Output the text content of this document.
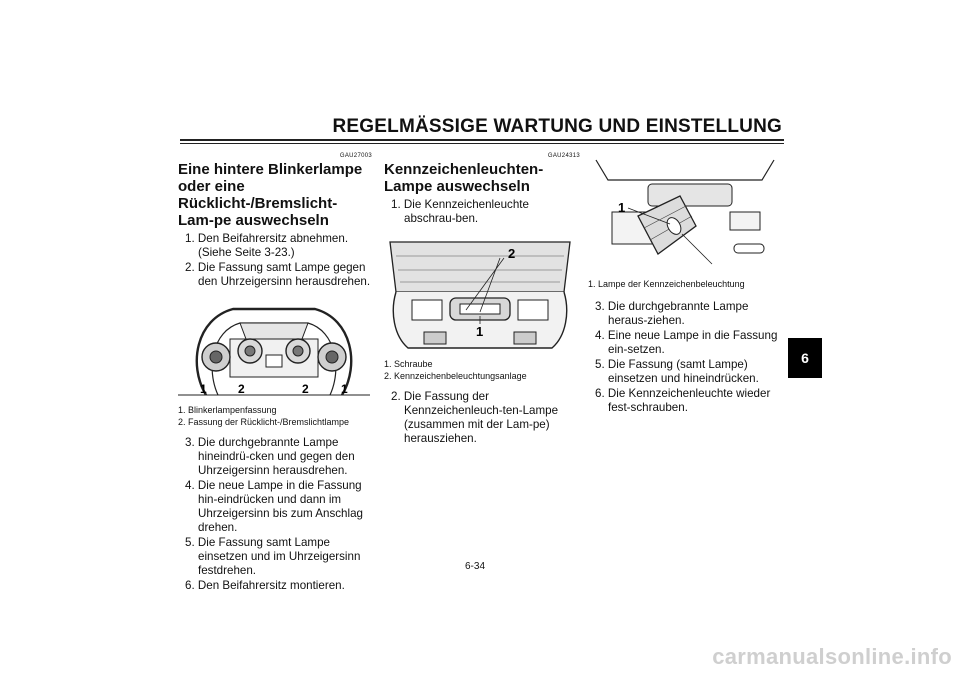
REGELMÄSSIGE WARTUNG UND EINSTELLUNG
GAU27003
Eine hintere Blinkerlampe oder eine Rücklicht-/Bremslicht-Lam-pe auswechseln
1. Den Beifahrersitz abnehmen. (Siehe Seite 3-23.)
2. Die Fassung samt Lampe gegen den Uhrzeigersinn herausdrehen.
1	2	2	1
1. Blinkerlampenfassung
2. Fassung der Rücklicht-/Bremslichtlampe
3. Die durchgebrannte Lampe hineindrü-cken und gegen den Uhrzeigersinn herausdrehen.
4. Die neue Lampe in die Fassung hin-eindrücken und dann im Uhrzeigersinn bis zum Anschlag drehen.
5. Die Fassung samt Lampe einsetzen und im Uhrzeigersinn festdrehen.
6. Den Beifahrersitz montieren.
GAU24313
Kennzeichenleuchten-Lampe auswechseln
1. Die Kennzeichenleuchte abschrau-ben.
2
1
1. Schraube
2. Kennzeichenbeleuchtungsanlage
2. Die Fassung der Kennzeichenleuch-ten-Lampe (zusammen mit der Lam-pe) herausziehen.
1
1. Lampe der Kennzeichenbeleuchtung
3. Die durchgebrannte Lampe heraus-ziehen.
4. Eine neue Lampe in die Fassung ein-setzen.
5. Die Fassung (samt Lampe) einsetzen und hineindrücken.
6. Die Kennzeichenleuchte wieder fest-schrauben.
6
6-34
carmanualsonline.info
